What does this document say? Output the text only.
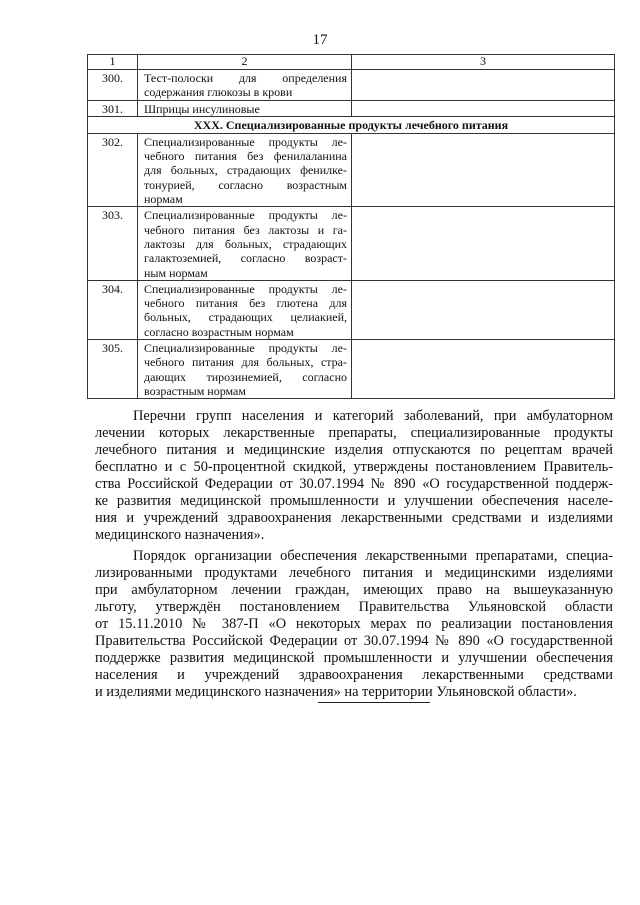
17
1	2	3
300.	Тест-полоски для определения
содержания глюкозы в крови	

301.	Шприцы инсулиновые	

XXX. Специализированные продукты лечебного питания		
302.	Специализированные продукты ле-
чебного питания без фенилаланина
для больных, страдающих фенилке-
тонурией, согласно возрастным
нормам	

303.	Специализированные продукты ле-
чебного питания без лактозы и га-
лактозы для больных, страдающих
галактоземией, согласно возраст-
ным нормам	

304.	Специализированные продукты ле-
чебного питания без глютена для
больных, страдающих целиакией,
согласно возрастным нормам	

305.	Специализированные продукты ле-
чебного питания для больных, стра-
дающих тирозинемией, согласно
возрастным нормам	

Перечни групп населения и категорий заболеваний, при амбулаторном
лечении которых лекарственные препараты, специализированные продукты
лечебного питания и медицинские изделия отпускаются по рецептам врачей
бесплатно и с 50-процентной скидкой, утверждены постановлением Правитель-
ства Российской Федерации от 30.07.1994 № 890 «О государственной поддерж-
ке развития медицинской промышленности и улучшении обеспечения населе-
ния и учреждений здравоохранения лекарственными средствами и изделиями
медицинского назначения».
Порядок организации обеспечения лекарственными препаратами, специа-
лизированными продуктами лечебного питания и медицинскими изделиями
при амбулаторном лечении граждан, имеющих право на вышеуказанную
льготу, утверждён постановлением Правительства Ульяновской области
от 15.11.2010 № 387-П «О некоторых мерах по реализации постановления
Правительства Российской Федерации от 30.07.1994 № 890 «О государственной
поддержке развития медицинской промышленности и улучшении обеспечения
населения и учреждений здравоохранения лекарственными средствами
и изделиями медицинского назначения» на территории Ульяновской области».
